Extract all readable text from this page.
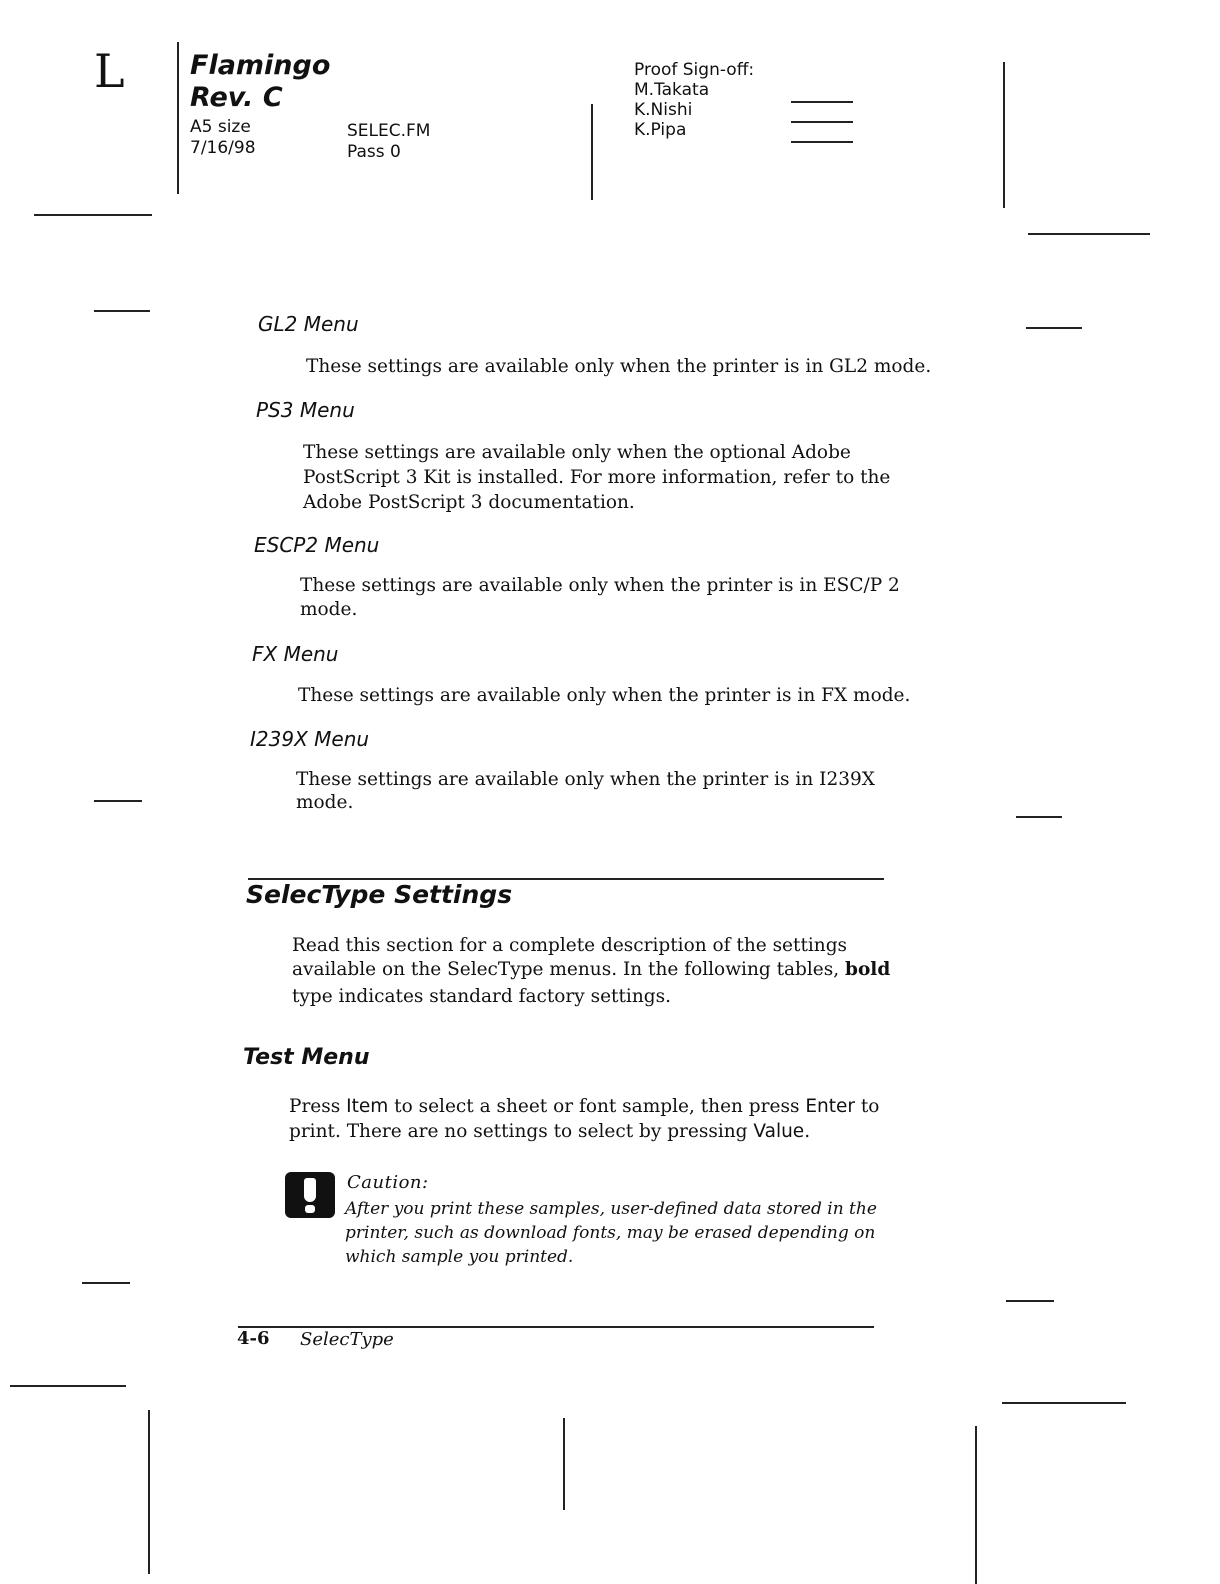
L Flamingo
Rev. C
A5 size
7/16/98
SELEC.FM
Pass 0
Proof Sign-off:
M.Takata
K.Nishi
K.Pipa
GL2 Menu
These settings are available only when the printer is in GL2 mode.
PS3 Menu
These settings are available only when the optional Adobe
PostScript 3 Kit is installed. For more information, refer to the
Adobe PostScript 3 documentation.
ESCP2 Menu
These settings are available only when the printer is in ESC/P 2
mode.
FX Menu
These settings are available only when the printer is in FX mode.
I239X Menu
These settings are available only when the printer is in I239X
mode.
SelecType Settings
Read this section for a complete description of the settings
available on the SelecType menus. In the following tables, bold
type indicates standard factory settings.
Test Menu
Press Item to select a sheet or font sample, then press Enter to
print. There are no settings to select by pressing Value.
Caution:
After you print these samples, user-defined data stored in the
printer, such as download fonts, may be erased depending on
which sample you printed.
4-6 SelecType
